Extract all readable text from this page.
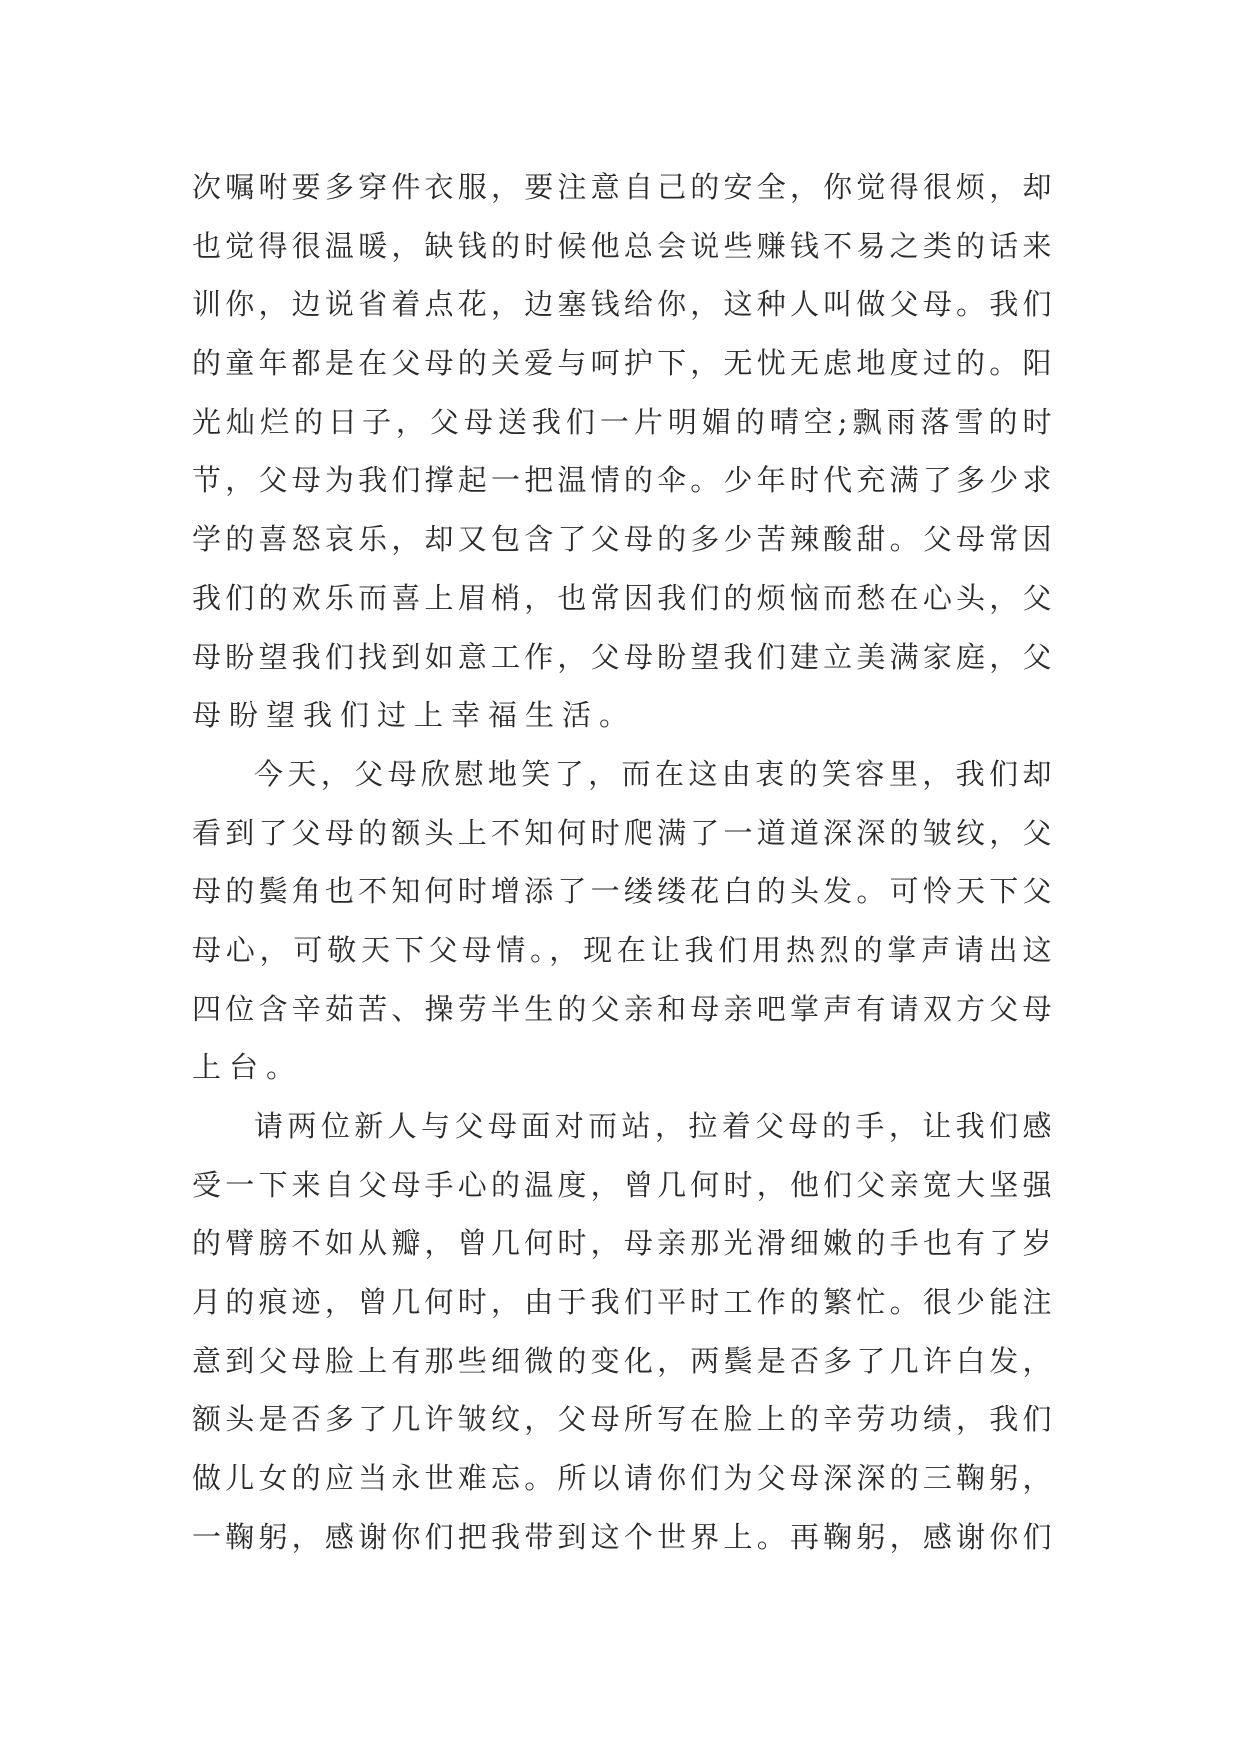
次嘱咐要多穿件衣服，要注意自己的安全，你觉得很烦，却
也觉得很温暖，缺钱的时候他总会说些赚钱不易之类的话来
训你，边说省着点花，边塞钱给你，这种人叫做父母。我们
的童年都是在父母的关爱与呵护下，无忧无虑地度过的。阳
光灿烂的日子，父母送我们一片明媚的晴空;飘雨落雪的时
节，父母为我们撑起一把温情的伞。少年时代充满了多少求
学的喜怒哀乐，却又包含了父母的多少苦辣酸甜。父母常因
我们的欢乐而喜上眉梢，也常因我们的烦恼而愁在心头，父
母盼望我们找到如意工作，父母盼望我们建立美满家庭，父
母盼望我们过上幸福生活。
今天，父母欣慰地笑了，而在这由衷的笑容里，我们却
看到了父母的额头上不知何时爬满了一道道深深的皱纹，父
母的鬓角也不知何时增添了一缕缕花白的头发。可怜天下父
母心，可敬天下父母情。，现在让我们用热烈的掌声请出这
四位含辛茹苦、操劳半生的父亲和母亲吧掌声有请双方父母
上台。
请两位新人与父母面对而站，拉着父母的手，让我们感
受一下来自父母手心的温度，曾几何时，他们父亲宽大坚强
的臂膀不如从瓣，曾几何时，母亲那光滑细嫩的手也有了岁
月的痕迹，曾几何时，由于我们平时工作的繁忙。很少能注
意到父母脸上有那些细微的变化，两鬓是否多了几许白发，
额头是否多了几许皱纹，父母所写在脸上的辛劳功绩，我们
做儿女的应当永世难忘。所以请你们为父母深深的三鞠躬，
一鞠躬，感谢你们把我带到这个世界上。再鞠躬，感谢你们
